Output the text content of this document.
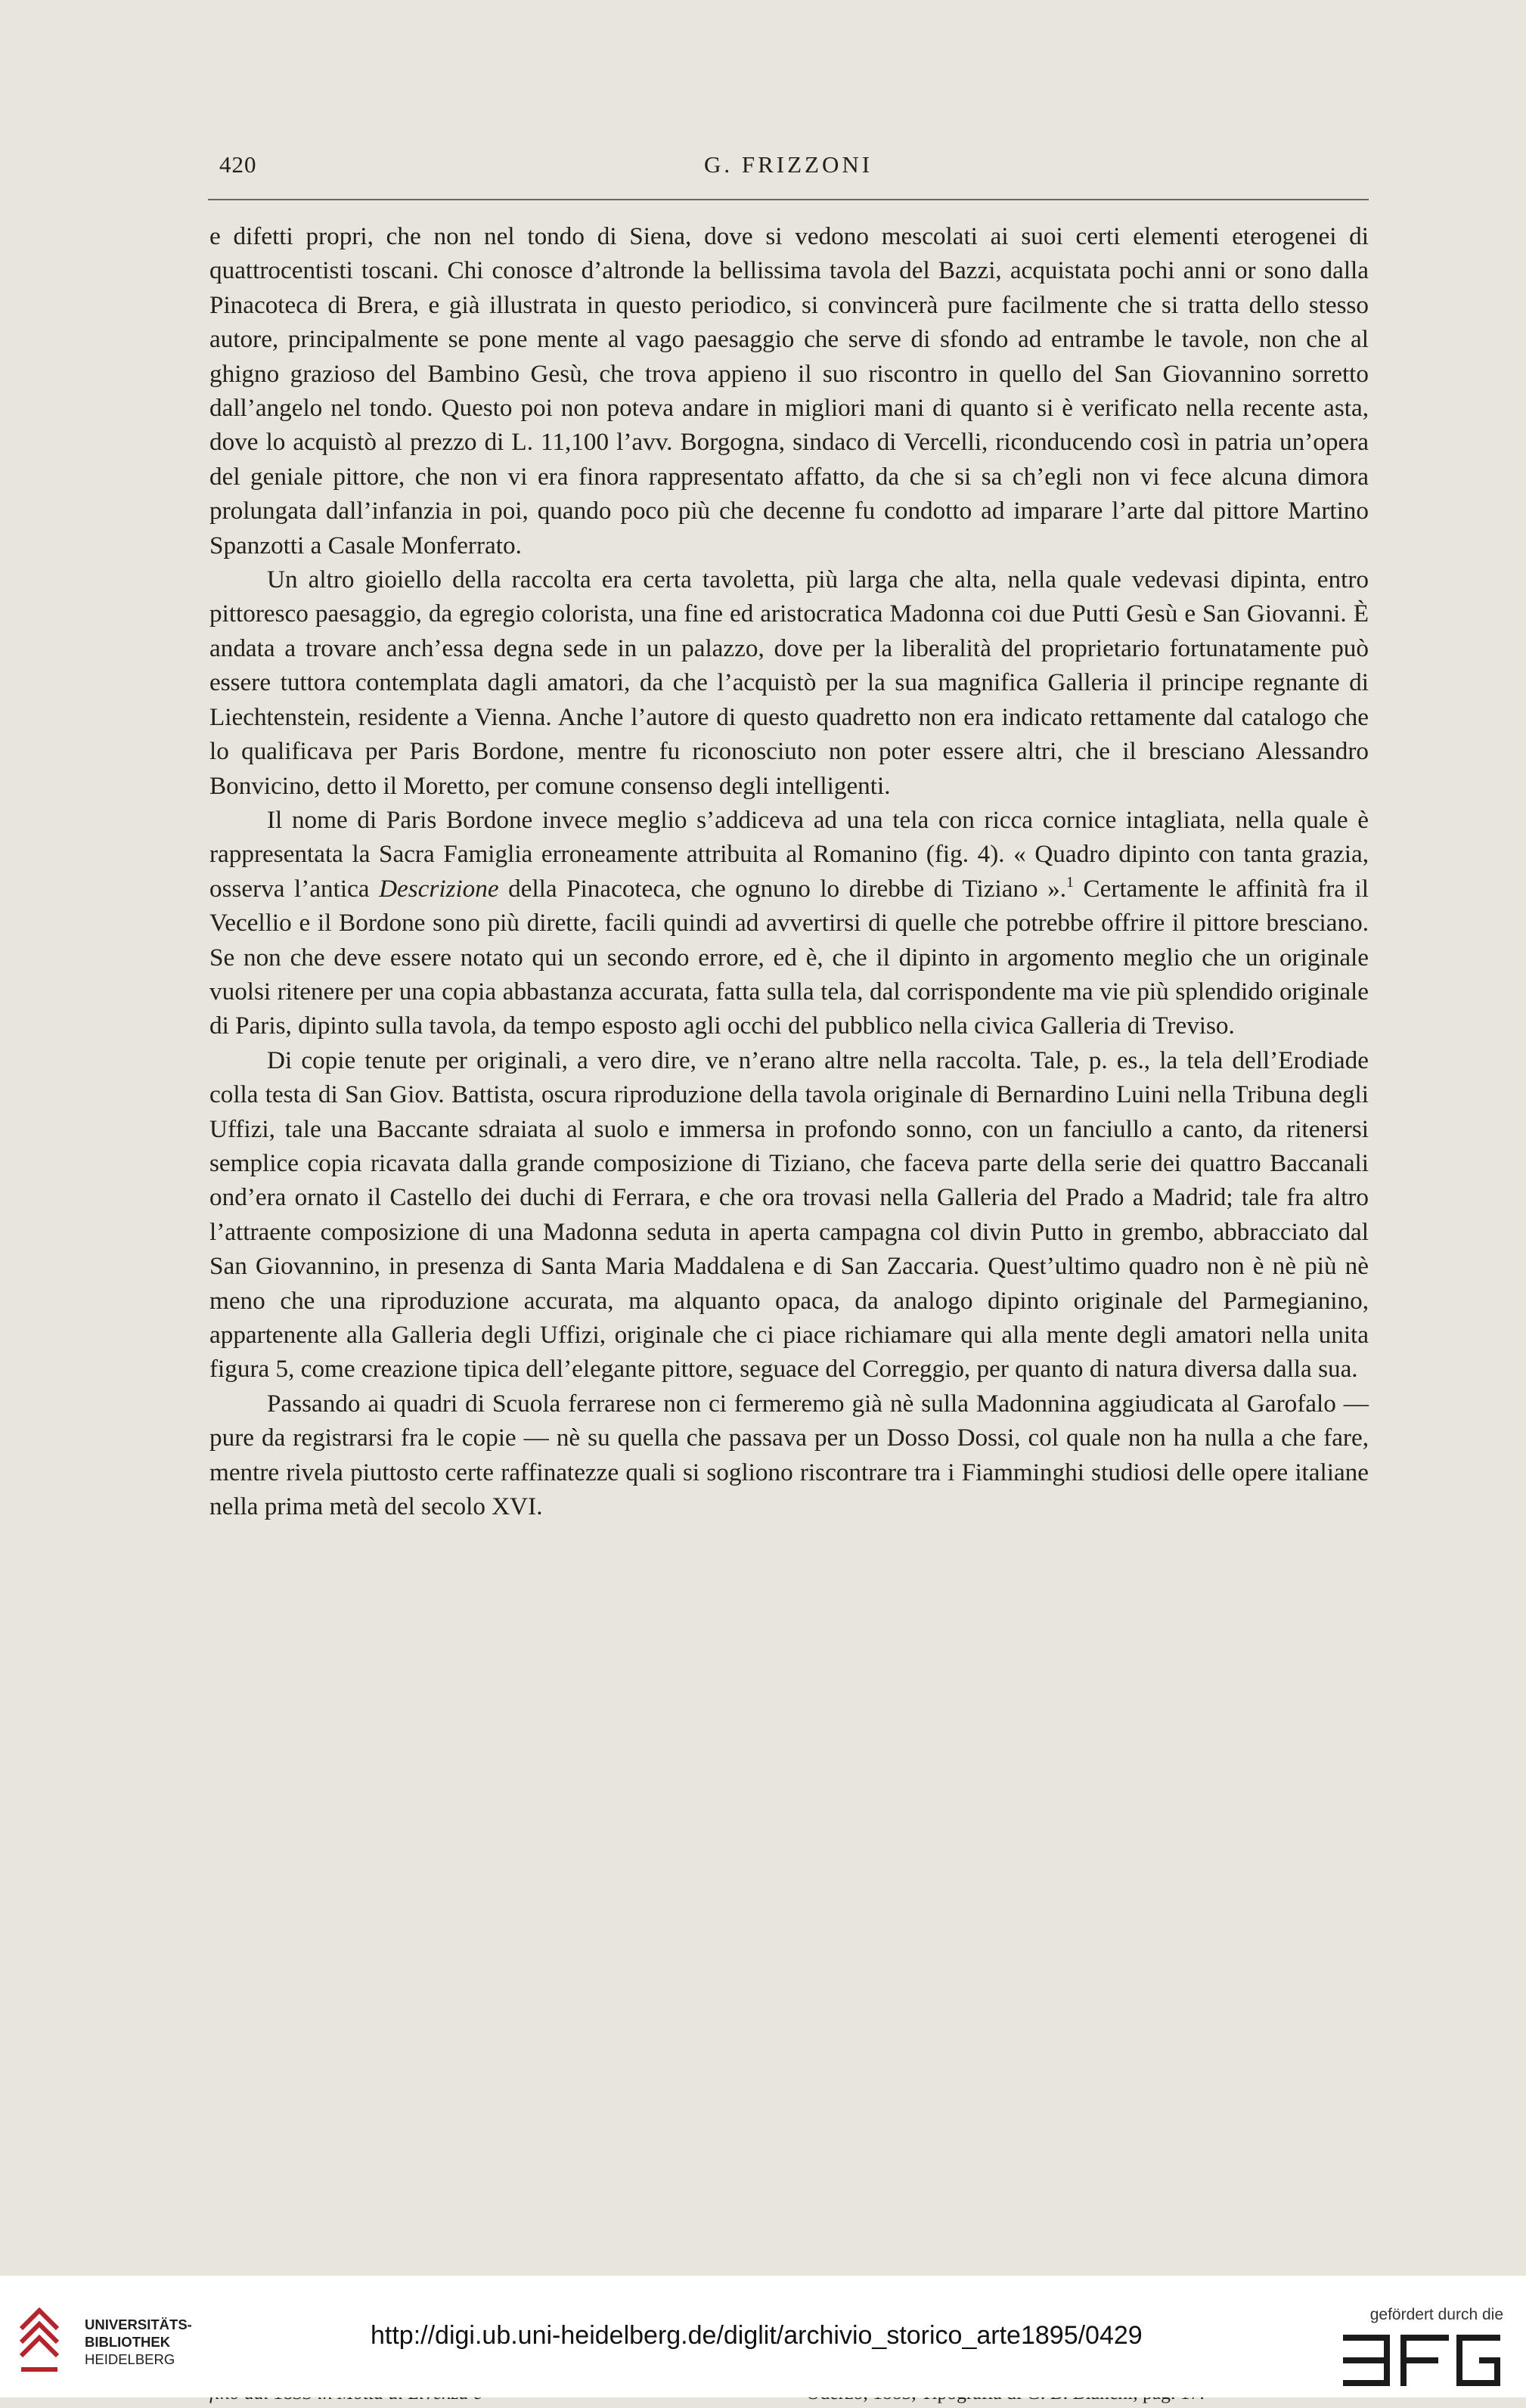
420	G. FRIZZONI

e difetti propri, che non nel tondo di Siena, dove si vedono mescolati ai suoi certi elementi eterogenei di quattrocentisti toscani. Chi conosce d’altronde la bellissima tavola del Bazzi, acquistata pochi anni or sono dalla Pinacoteca di Brera, e già illustrata in questo periodico, si convincerà pure facilmente che si tratta dello stesso autore, principalmente se pone mente al vago paesaggio che serve di sfondo ad entrambe le tavole, non che al ghigno grazioso del Bambino Gesù, che trova appieno il suo riscontro in quello del San Giovannino sorretto dall’angelo nel tondo. Questo poi non poteva andare in migliori mani di quanto si è verificato nella recente asta, dove lo acquistò al prezzo di L. 11,100 l’avv. Borgogna, sindaco di Vercelli, riconducendo così in patria un’opera del geniale pittore, che non vi era finora rappresentato affatto, da che si sa ch’egli non vi fece alcuna dimora prolungata dall’infanzia in poi, quando poco più che decenne fu condotto ad imparare l’arte dal pittore Martino Spanzotti a Casale Monferrato.

Un altro gioiello della raccolta era certa tavoletta, più larga che alta, nella quale vedevasi dipinta, entro pittoresco paesaggio, da egregio colorista, una fine ed aristocratica Madonna coi due Putti Gesù e San Giovanni. È andata a trovare anch’essa degna sede in un palazzo, dove per la liberalità del proprietario fortunatamente può essere tuttora contemplata dagli amatori, da che l’acquistò per la sua magnifica Galleria il principe regnante di Liechtenstein, residente a Vienna. Anche l’autore di questo quadretto non era indicato rettamente dal catalogo che lo qualificava per Paris Bordone, mentre fu riconosciuto non poter essere altri, che il bresciano Alessandro Bonvicino, detto il Moretto, per comune consenso degli intelligenti.

Il nome di Paris Bordone invece meglio s’addiceva ad una tela con ricca cornice intagliata, nella quale è rappresentata la Sacra Famiglia erroneamente attribuita al Romanino (fig. 4). « Quadro dipinto con tanta grazia, osserva l’antica Descrizione della Pinacoteca, che ognuno lo direbbe di Tiziano ».$^1$ Certamente le affinità fra il Vecellio e il Bordone sono più dirette, facili quindi ad avvertirsi di quelle che potrebbe offrire il pittore bresciano. Se non che deve essere notato qui un secondo errore, ed è, che il dipinto in argomento meglio che un originale vuolsi ritenere per una copia abbastanza accurata, fatta sulla tela, dal corrispondente ma vie più splendido originale di Paris, dipinto sulla tavola, da tempo esposto agli occhi del pubblico nella civica Galleria di Treviso.

Di copie tenute per originali, a vero dire, ve n’erano altre nella raccolta. Tale, p. es., la tela dell’Erodiade colla testa di San Giov. Battista, oscura riproduzione della tavola originale di Bernardino Luini nella Tribuna degli Uffizi, tale una Baccante sdraiata al suolo e immersa in profondo sonno, con un fanciullo a canto, da ritenersi semplice copia ricavata dalla grande composizione di Tiziano, che faceva parte della serie dei quattro Baccanali ond’era ornato il Castello dei duchi di Ferrara, e che ora trovasi nella Galleria del Prado a Madrid; tale fra altro l’attraente composizione di una Madonna seduta in aperta campagna col divin Putto in grembo, abbracciato dal San Giovannino, in presenza di Santa Maria Maddalena e di San Zaccaria. Quest’ultimo quadro non è nè più nè meno che una riproduzione accurata, ma alquanto opaca, da analogo dipinto originale del Parmegianino, appartenente alla Galleria degli Uffizi, originale che ci piace richiamare qui alla mente degli amatori nella unita figura 5, come creazione tipica dell’elegante pittore, seguace del Correggio, per quanto di natura diversa dalla sua.

Passando ai quadri di Scuola ferrarese non ci fermeremo già nè sulla Madonnina aggiudicata al Garofalo — pure da registrarsi fra le copie — nè su quella che passava per un Dosso Dossi, col quale non ha nulla a che fare, mentre rivela piuttosto certe raffinatezze quali si sogliono riscontrare tra i Fiamminghi studiosi delle opere italiane nella prima metà del secolo XVI.

UNIVERSITÄTS-
BIBLIOTHEK
HEIDELBERG
http://digi.ub.uni-heidelberg.de/diglit/archivio_storico_arte1895/0429
gefördert durch die
DFG
